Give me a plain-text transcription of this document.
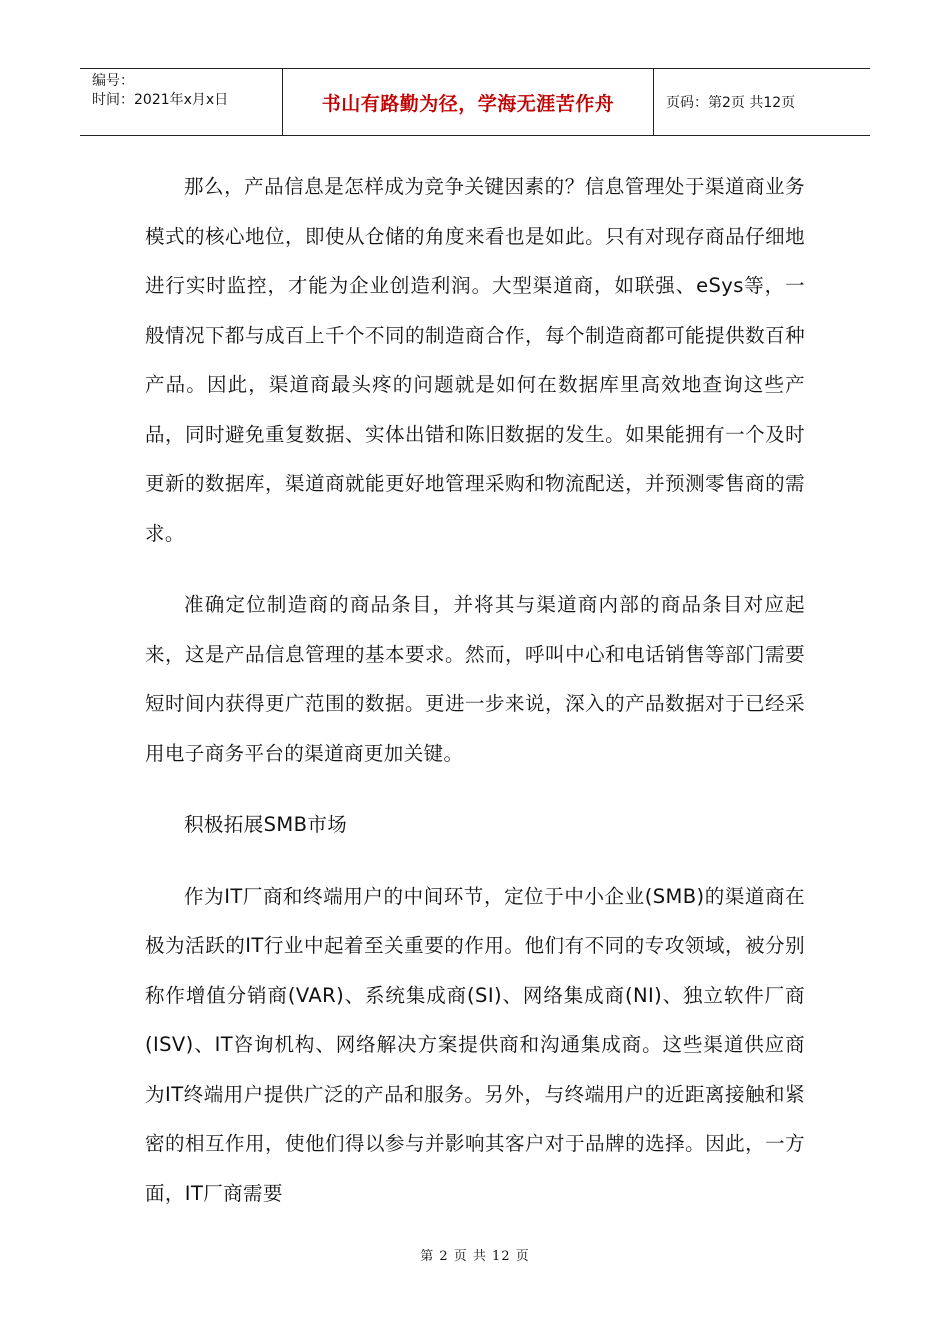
编号：
时间：2021年x月x日	书山有路勤为径，学海无涯苦作舟	页码：第2页 共12页

那么，产品信息是怎样成为竞争关键因素的？信息管理处于渠道商业务模式的核心地位，即使从仓储的角度来看也是如此。只有对现存商品仔细地进行实时监控，才能为企业创造利润。大型渠道商，如联强、eSys等，一般情况下都与成百上千个不同的制造商合作，每个制造商都可能提供数百种产品。因此，渠道商最头疼的问题就是如何在数据库里高效地查询这些产品，同时避免重复数据、实体出错和陈旧数据的发生。如果能拥有一个及时更新的数据库，渠道商就能更好地管理采购和物流配送，并预测零售商的需求。

准确定位制造商的商品条目，并将其与渠道商内部的商品条目对应起来，这是产品信息管理的基本要求。然而，呼叫中心和电话销售等部门需要短时间内获得更广范围的数据。更进一步来说，深入的产品数据对于已经采用电子商务平台的渠道商更加关键。

积极拓展SMB市场

作为IT厂商和终端用户的中间环节，定位于中小企业(SMB)的渠道商在极为活跃的IT行业中起着至关重要的作用。他们有不同的专攻领域，被分别称作增值分销商(VAR)、系统集成商(SI)、网络集成商(NI)、独立软件厂商(ISV)、IT咨询机构、网络解决方案提供商和沟通集成商。这些渠道供应商为IT终端用户提供广泛的产品和服务。另外，与终端用户的近距离接触和紧密的相互作用，使他们得以参与并影响其客户对于品牌的选择。因此，一方面，IT厂商需要

第 2 页 共 12 页
